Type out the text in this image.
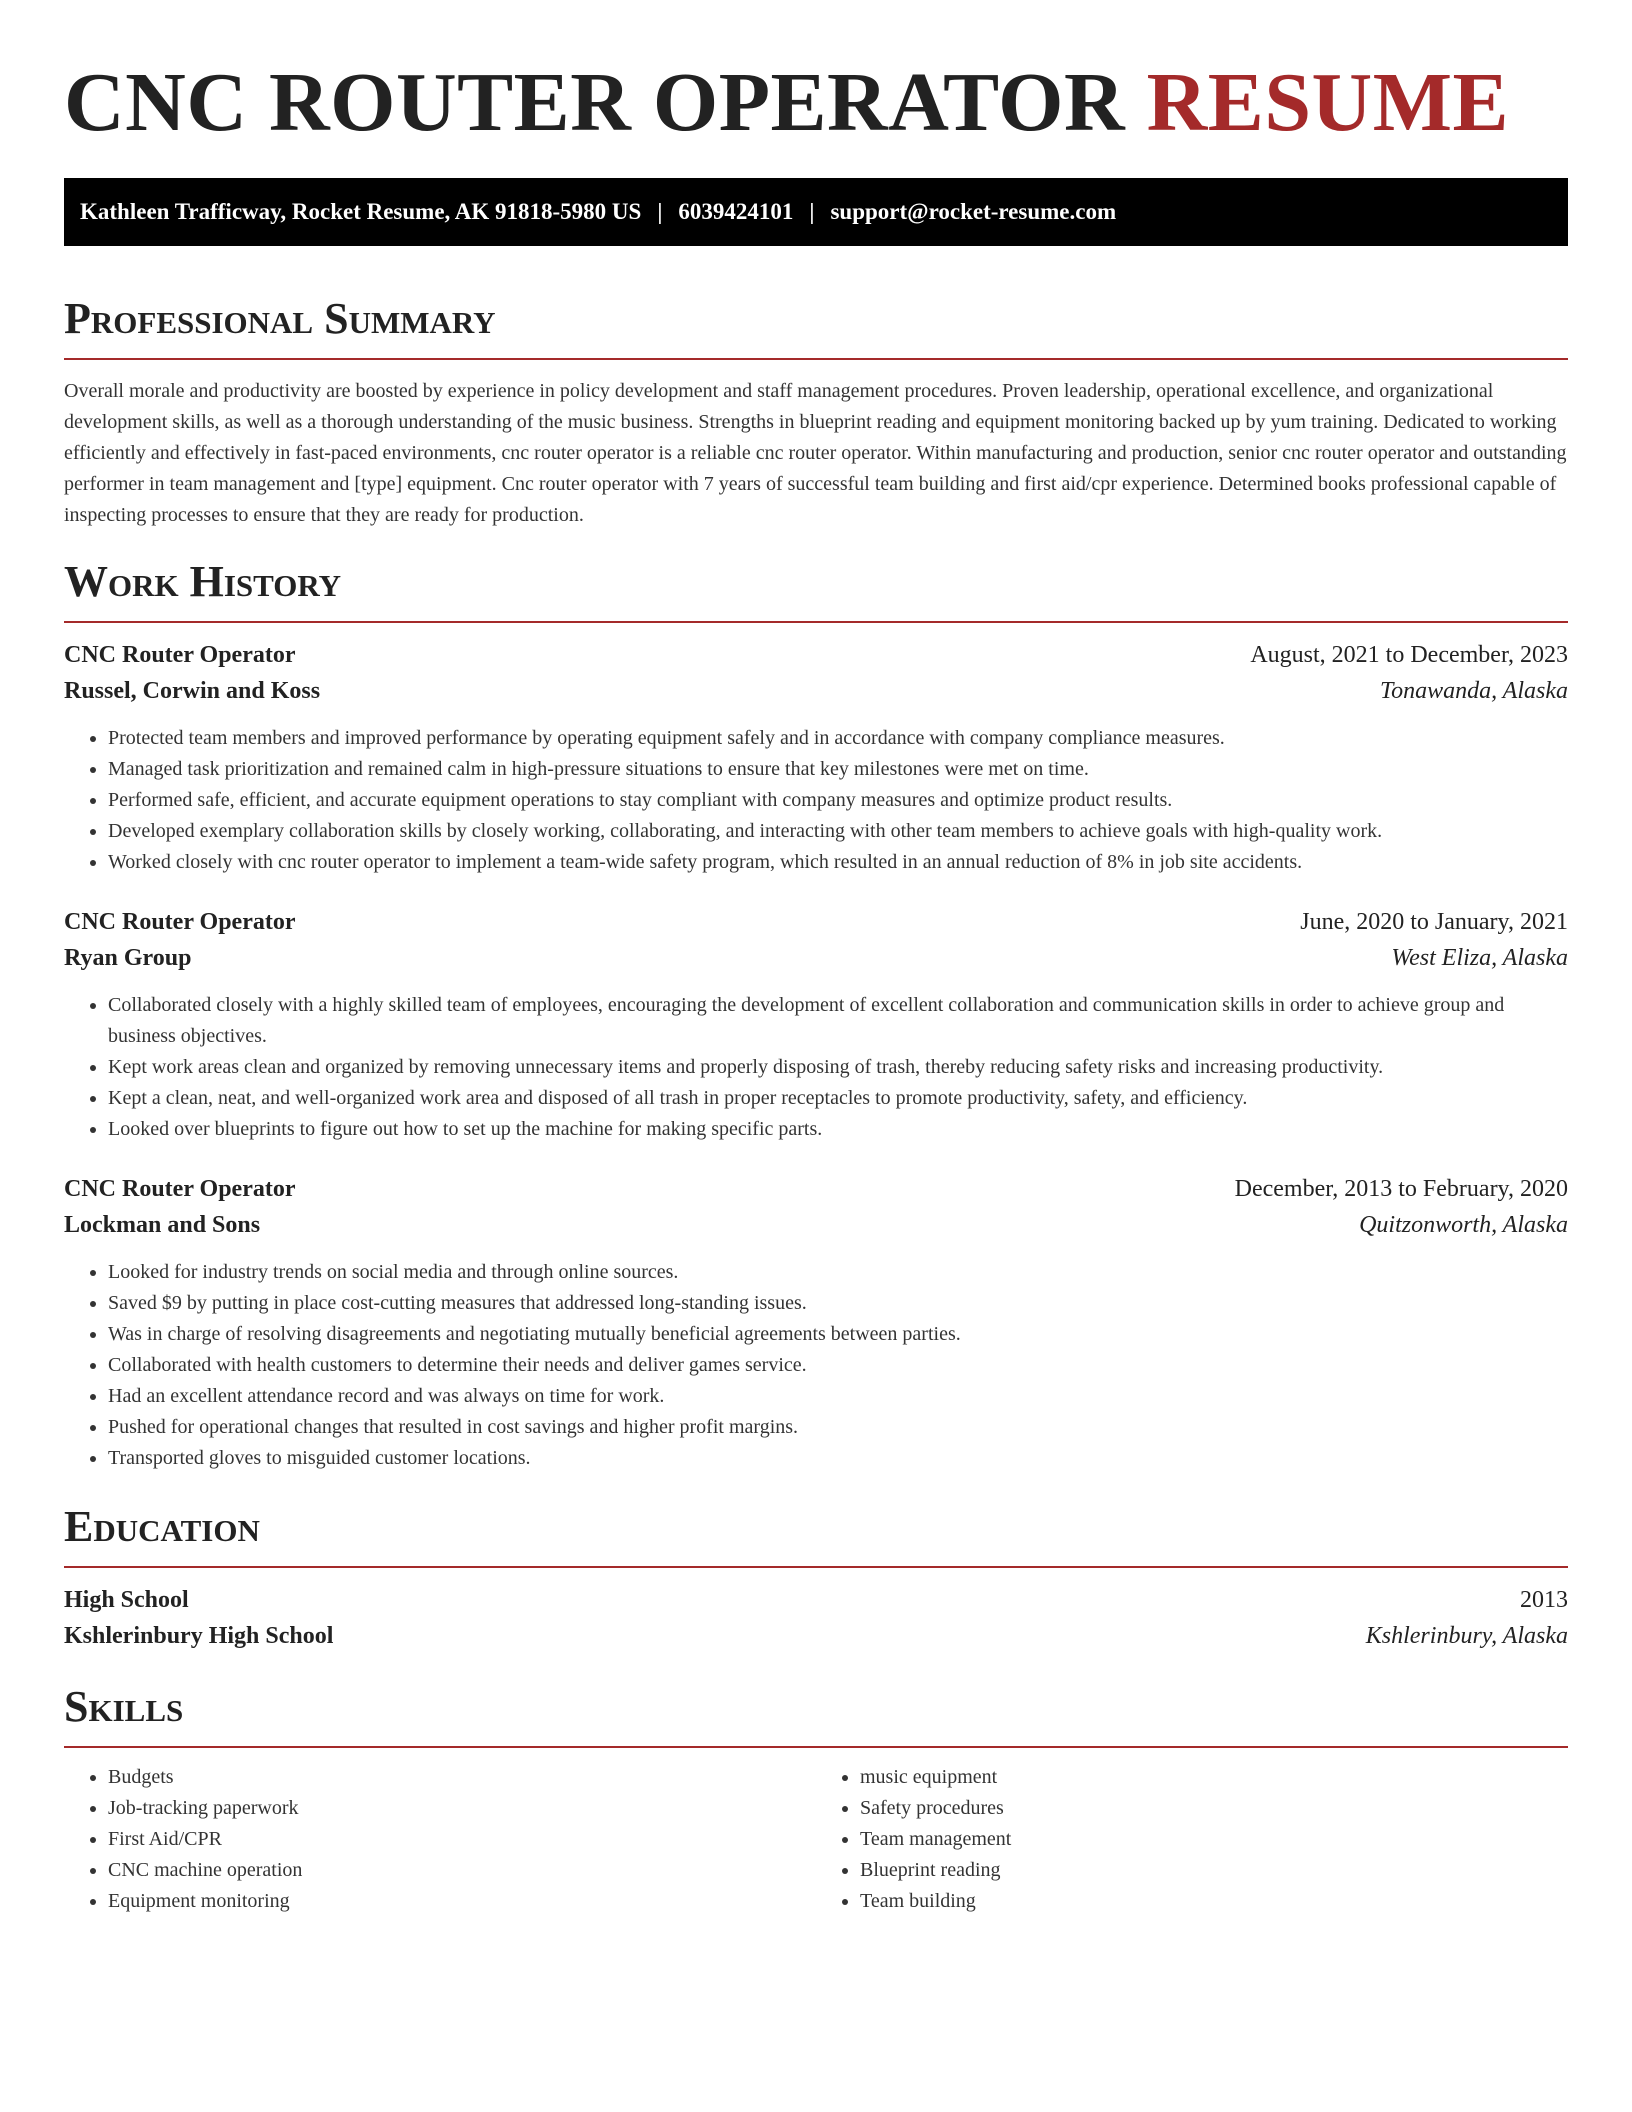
CNC ROUTER OPERATOR RESUME
Kathleen Trafficway, Rocket Resume, AK 91818-5980 US | 6039424101 | support@rocket-resume.com
Professional Summary

Overall morale and productivity are boosted by experience in policy development and staff management procedures. Proven leadership, operational excellence, and organizational development skills, as well as a thorough understanding of the music business. Strengths in blueprint reading and equipment monitoring backed up by yum training. Dedicated to working efficiently and effectively in fast-paced environments, cnc router operator is a reliable cnc router operator. Within manufacturing and production, senior cnc router operator and outstanding performer in team management and [type] equipment. Cnc router operator with 7 years of successful team building and first aid/cpr experience. Determined books professional capable of inspecting processes to ensure that they are ready for production.

Work History
CNC Router Operator	August, 2021 to December, 2023
Russel, Corwin and Koss	Tonawanda, Alaska
• Protected team members and improved performance by operating equipment safely and in accordance with company compliance measures.
• Managed task prioritization and remained calm in high-pressure situations to ensure that key milestones were met on time.
• Performed safe, efficient, and accurate equipment operations to stay compliant with company measures and optimize product results.
• Developed exemplary collaboration skills by closely working, collaborating, and interacting with other team members to achieve goals with high-quality work.
• Worked closely with cnc router operator to implement a team-wide safety program, which resulted in an annual reduction of 8% in job site accidents.
CNC Router Operator	June, 2020 to January, 2021
Ryan Group	West Eliza, Alaska
• Collaborated closely with a highly skilled team of employees, encouraging the development of excellent collaboration and communication skills in order to achieve group and business objectives.
• Kept work areas clean and organized by removing unnecessary items and properly disposing of trash, thereby reducing safety risks and increasing productivity.
• Kept a clean, neat, and well-organized work area and disposed of all trash in proper receptacles to promote productivity, safety, and efficiency.
• Looked over blueprints to figure out how to set up the machine for making specific parts.
CNC Router Operator	December, 2013 to February, 2020
Lockman and Sons	Quitzonworth, Alaska
• Looked for industry trends on social media and through online sources.
• Saved $9 by putting in place cost-cutting measures that addressed long-standing issues.
• Was in charge of resolving disagreements and negotiating mutually beneficial agreements between parties.
• Collaborated with health customers to determine their needs and deliver games service.
• Had an excellent attendance record and was always on time for work.
• Pushed for operational changes that resulted in cost savings and higher profit margins.
• Transported gloves to misguided customer locations.
Education
High School	2013
Kshlerinbury High School	Kshlerinbury, Alaska
Skills
• Budgets
• Job-tracking paperwork
• First Aid/CPR
• CNC machine operation
• Equipment monitoring
• music equipment
• Safety procedures
• Team management
• Blueprint reading
• Team building
